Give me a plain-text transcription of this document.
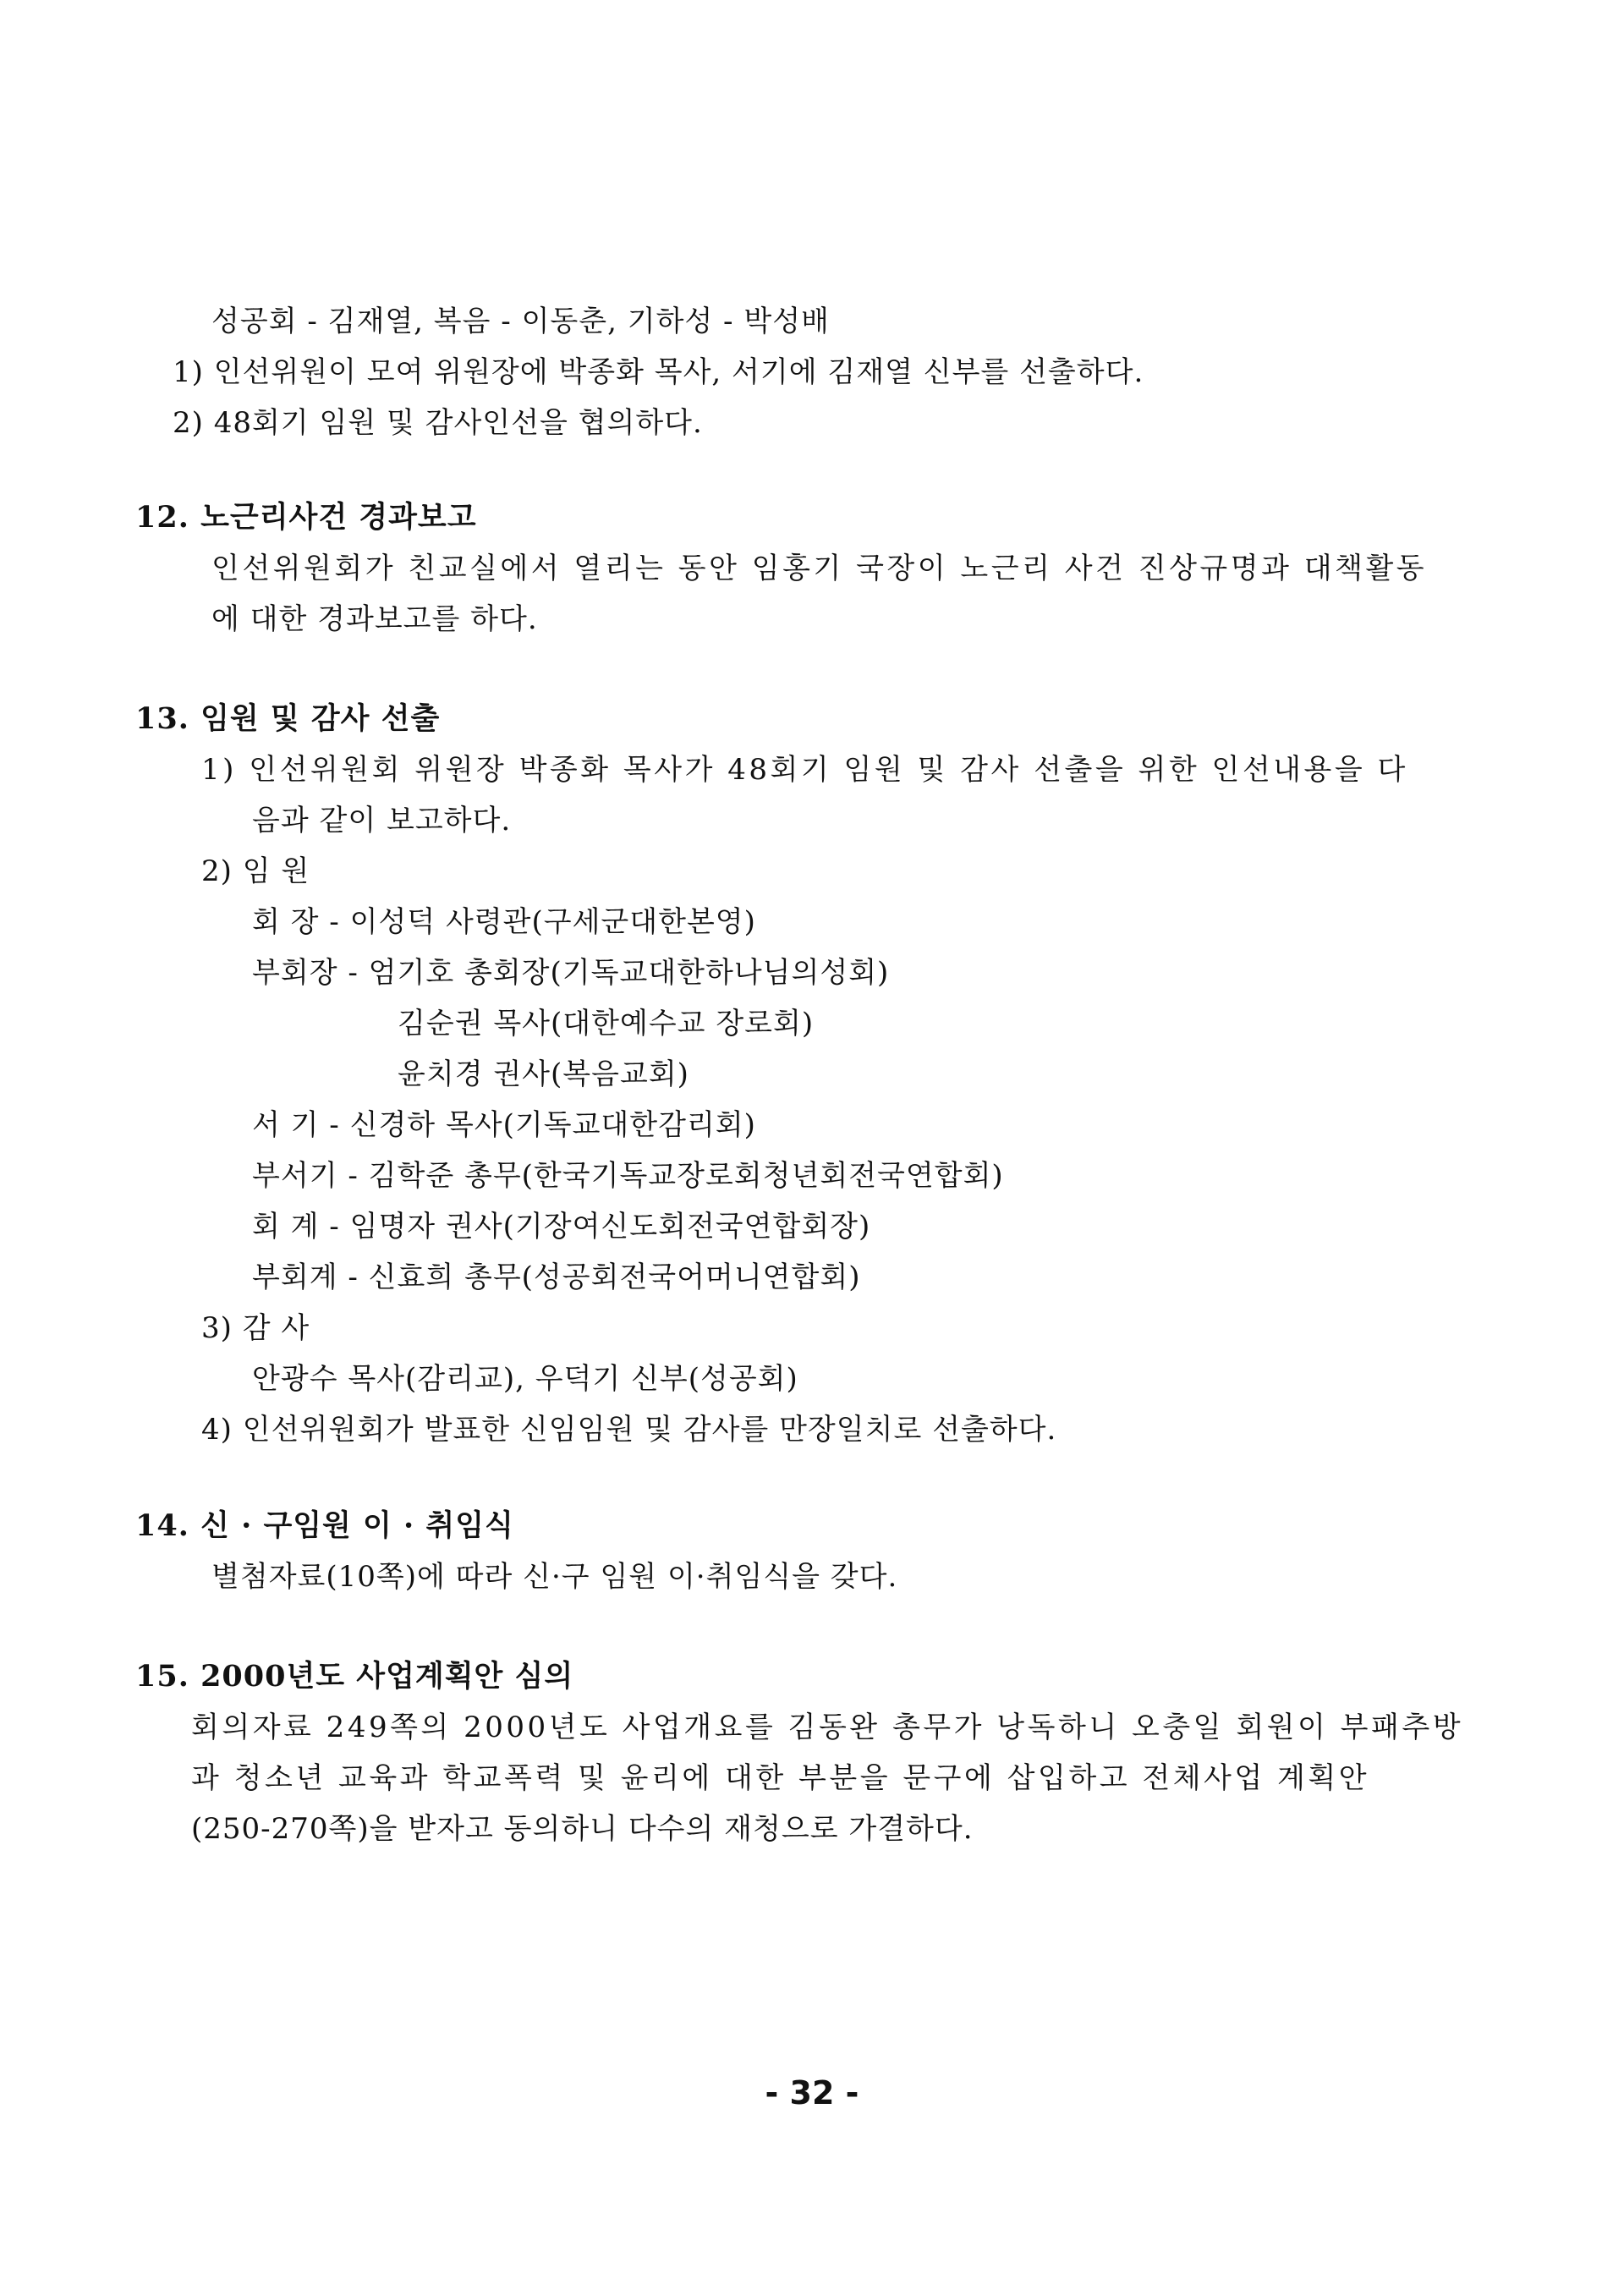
성공회 - 김재열, 복음 - 이동춘, 기하성 - 박성배
1) 인선위원이 모여 위원장에 박종화 목사, 서기에 김재열 신부를 선출하다.
2) 48회기 임원 및 감사인선을 협의하다.
12. 노근리사건 경과보고
인선위원회가 친교실에서 열리는 동안 임홍기 국장이 노근리 사건 진상규명과 대책활동
에 대한 경과보고를 하다.
13. 임원 및 감사 선출
1) 인선위원회 위원장 박종화 목사가 48회기 임원 및 감사 선출을 위한 인선내용을 다
음과 같이 보고하다.
2) 임 원
회 장 - 이성덕 사령관(구세군대한본영)
부회장 - 엄기호 총회장(기독교대한하나님의성회)
김순권 목사(대한예수교 장로회)
윤치경 권사(복음교회)
서 기 - 신경하 목사(기독교대한감리회)
부서기 - 김학준 총무(한국기독교장로회청년회전국연합회)
회 계 - 임명자 권사(기장여신도회전국연합회장)
부회계 - 신효희 총무(성공회전국어머니연합회)
3) 감 사
안광수 목사(감리교), 우덕기 신부(성공회)
4) 인선위원회가 발표한 신임임원 및 감사를 만장일치로 선출하다.
14. 신 · 구임원 이 · 취임식
별첨자료(10쪽)에 따라 신·구 임원 이·취임식을 갖다.
15. 2000년도 사업계획안 심의
회의자료 249쪽의 2000년도 사업개요를 김동완 총무가 낭독하니 오충일 회원이 부패추방
과 청소년 교육과 학교폭력 및 윤리에 대한 부분을 문구에 삽입하고 전체사업 계획안
(250-270쪽)을 받자고 동의하니 다수의 재청으로 가결하다.
- 32 -
